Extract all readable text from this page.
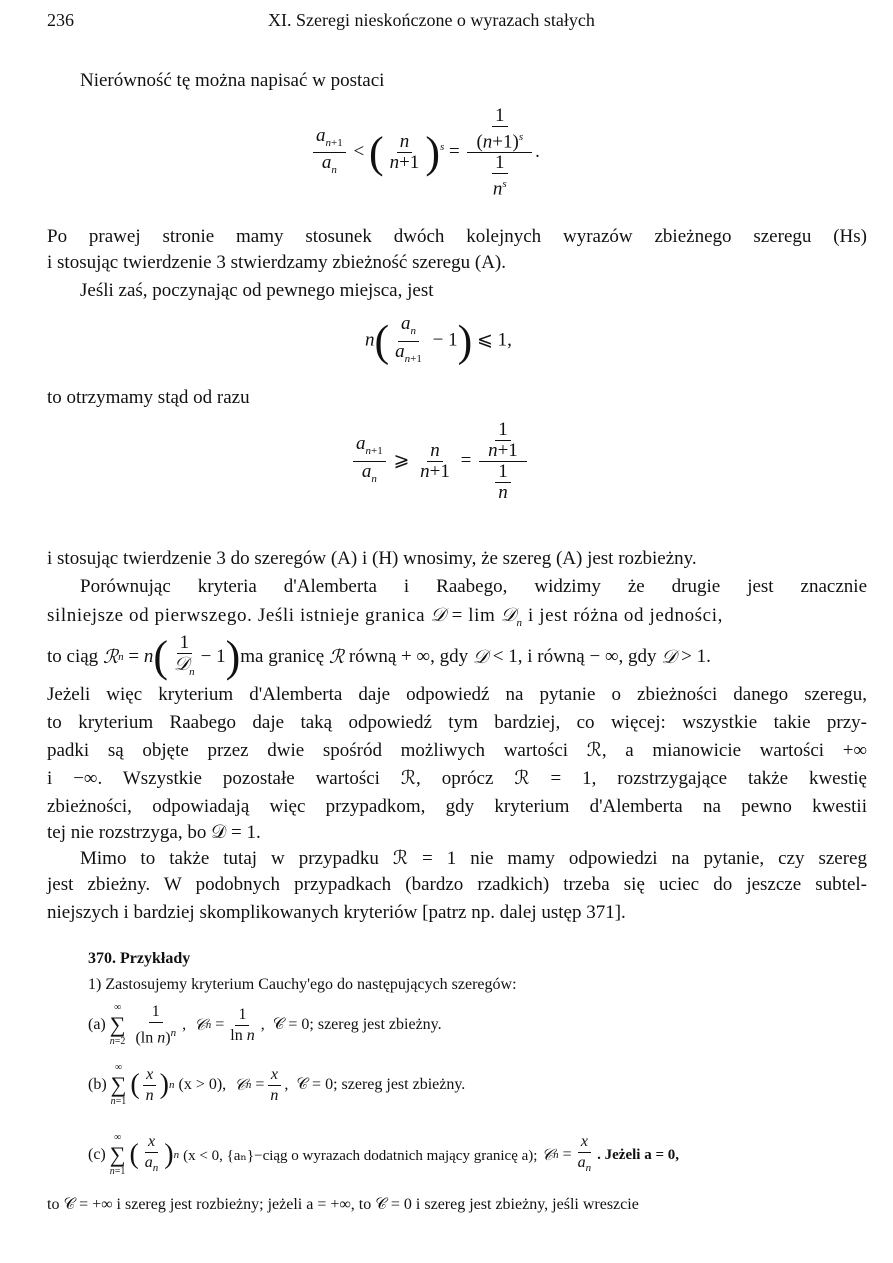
236	XI. Szeregi nieskończone o wyrazach stałych
Nierówność tę można napisać w postaci
$\frac{a_{n+1}}{a_n}$ < ( $\frac{n}{n+1} )^s = \frac{\frac{1}{(n+1)^s}}{\frac{1}{n^s}}$ .
Po prawej stronie mamy stosunek dwóch kolejnych wyrazów zbieżnego szeregu (Hs)
i stosując twierdzenie 3 stwierdzamy zbieżność szeregu (A).
Jeśli zaś, poczynając od pewnego miejsca, jest
$n( \frac{a_n}{a_{n+1}} - 1)$ ⩽ 1,
to otrzymamy stąd od razu
$\frac{a_{n+1}}{a_n}$ ⩾ $\frac{n}{n+1} = \frac{\frac{1}{n+1}}{\frac{1}{n}}$
i stosując twierdzenie 3 do szeregów (A) i (H) wnosimy, że szereg (A) jest rozbieżny.
Porównując kryteria d'Alemberta i Raabego, widzimy że drugie jest znacznie
silniejsze od pierwszego. Jeśli istnieje granica 𝒟 = lim 𝒟$_n$ i jest różna od jedności,
to ciąg
ℛ n = n ( $\frac{1}{𝒟_n} - 1$ ) ma granicę
ℛ
równą + ∞, gdy
𝒟
< 1, i równą − ∞, gdy
𝒟
> 1.
Jeżeli więc kryterium d'Alemberta daje odpowiedź na pytanie o zbieżności danego szeregu,
to kryterium Raabego daje taką odpowiedź tym bardziej, co więcej: wszystkie takie przy-
padki są objęte przez dwie spośród możliwych wartości ℛ, a mianowicie wartości +∞
i −∞. Wszystkie pozostałe wartości ℛ, oprócz ℛ = 1, rozstrzygające także kwestię
zbieżności, odpowiadają więc przypadkom, gdy kryterium d'Alemberta na pewno kwestii
tej nie rozstrzyga, bo 𝒟 = 1.
Mimo to także tutaj w przypadku ℛ = 1 nie mamy odpowiedzi na pytanie, czy szereg
jest zbieżny. W podobnych przypadkach (bardzo rzadkich) trzeba się uciec do jeszcze subtel-
niejszych i bardziej skomplikowanych kryteriów [patrz np. dalej ustęp 371].
370. Przykłady
1) Zastosujemy kryterium Cauchy'ego do następujących szeregów:
(a)
∞
∑
$n=2 \frac{1}{(\ln n)^n}$ , 𝒞 $n = \frac{1}{\text{ln n}}$ , 𝒞 = 0; szereg jest zbieżny.
(b)
∞
∑
n=1
( $\frac{x}{n}$ ) n
(x > 0),
𝒞 $n = \frac{x}{n}$ , 𝒞 = 0; szereg jest zbieżny.
(c)
∞
∑
n=1
( $\frac{x}{a_n}$ ) n
(x < 0, {aₙ}−ciąg o wyrazach dodatnich mający granicę a);
𝒞 $n = \frac{x}{a_n}$ . Jeżeli a = 0,
to 𝒞 = +∞ i szereg jest rozbieżny; jeżeli a = +∞, to 𝒞 = 0 i szereg jest zbieżny, jeśli wreszcie
